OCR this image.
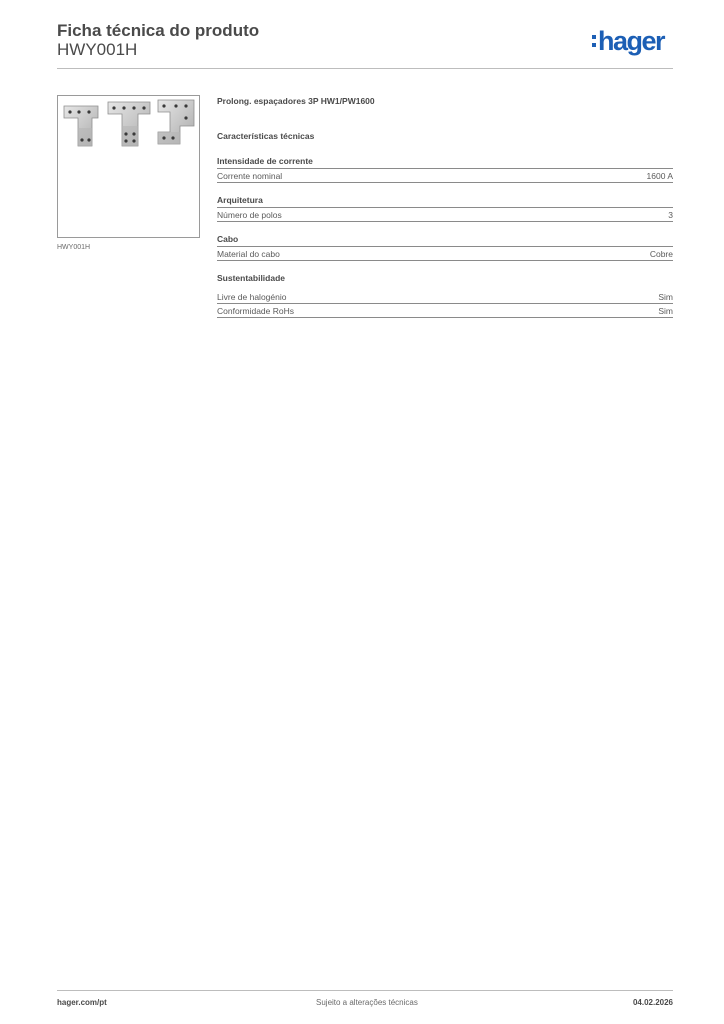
Ficha técnica do produto
HWY001H	hager
HWY001H
Prolong. espaçadores 3P HW1/PW1600
Características técnicas
Intensidade de corrente
Corrente nominal	1600 A
Arquitetura
Número de polos	3
Cabo
Material do cabo	Cobre
Sustentabilidade
Livre de halogénio	Sim
Conformidade RoHs	Sim
hager.com/pt	Sujeito a alterações técnicas	04.02.2026
